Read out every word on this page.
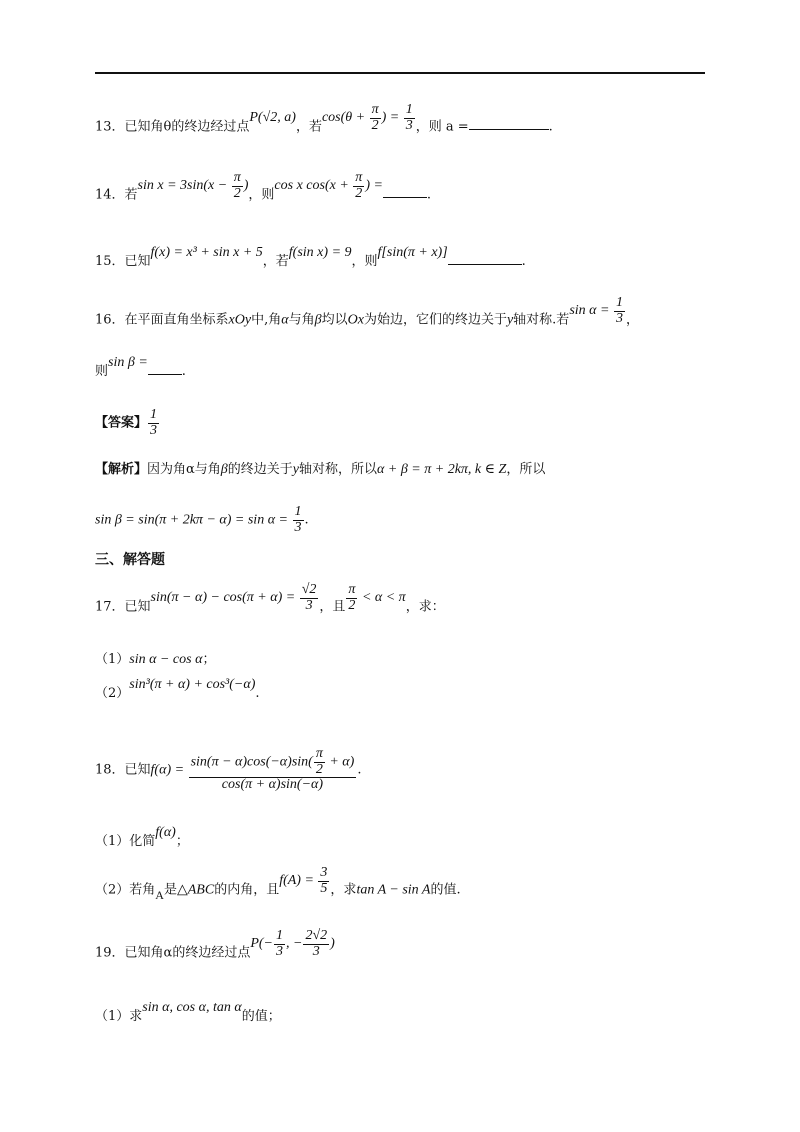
13．已知角θ的终边经过点P(√2, a)，若$\cos(\theta + \frac{\pi}{2}$ ) = $\frac{1}{3}$ ，则 a =	.
14．若$\sin x = 3\sin(x - \frac{\pi}{2}$ )，则cos x $\cos(x + \frac{\pi}{2}$ ) =.
15．已知f(x) = x³ + sin x + 5，若f(sin x) = 9，则f[sin(π + x)].
16．在平面直角坐标系xOy中,角α与角β均以Ox为始边，它们的终边关于y轴对称.若$\sin \alpha = \frac{1}{3}$ ，
则sin β =.
【答案】 $\frac{1}{3}$
【解析】因为角α与角β的终边关于y轴对称，所以α + β = π + 2kπ, k ∈ Z，所以
$\sin \beta = \sin(\pi + 2k\pi - \alpha) = \sin \alpha = \frac{1}{3}$ .
三、解答题
17．已知$\sin(\pi - \alpha) - \cos(\pi + \alpha) = \frac{√2}{3}$ ，且 $\frac{\pi}{2} < \alpha < \pi$，求：
（1）sin α − cos α；
（2）sin³(π + α) + cos³(−α).
18．已知$f(\alpha) = \frac{\sin(\pi - \alpha)\cos(-\alpha)\sin( \frac{\pi}{2} + \alpha)}{\cos(\pi + \alpha)\sin(-\alpha)}$ .
（1）化简f(α)；
（2）若角A是△ABC的内角，且$f(A) = \frac{3}{5}$ ，求tan A − sin A的值.
19．已知角α的终边经过点$P(- \frac{1}{3}$ , − $\frac{2√2}{3}$ )
（1）求sin α, cos α, tan α的值；
